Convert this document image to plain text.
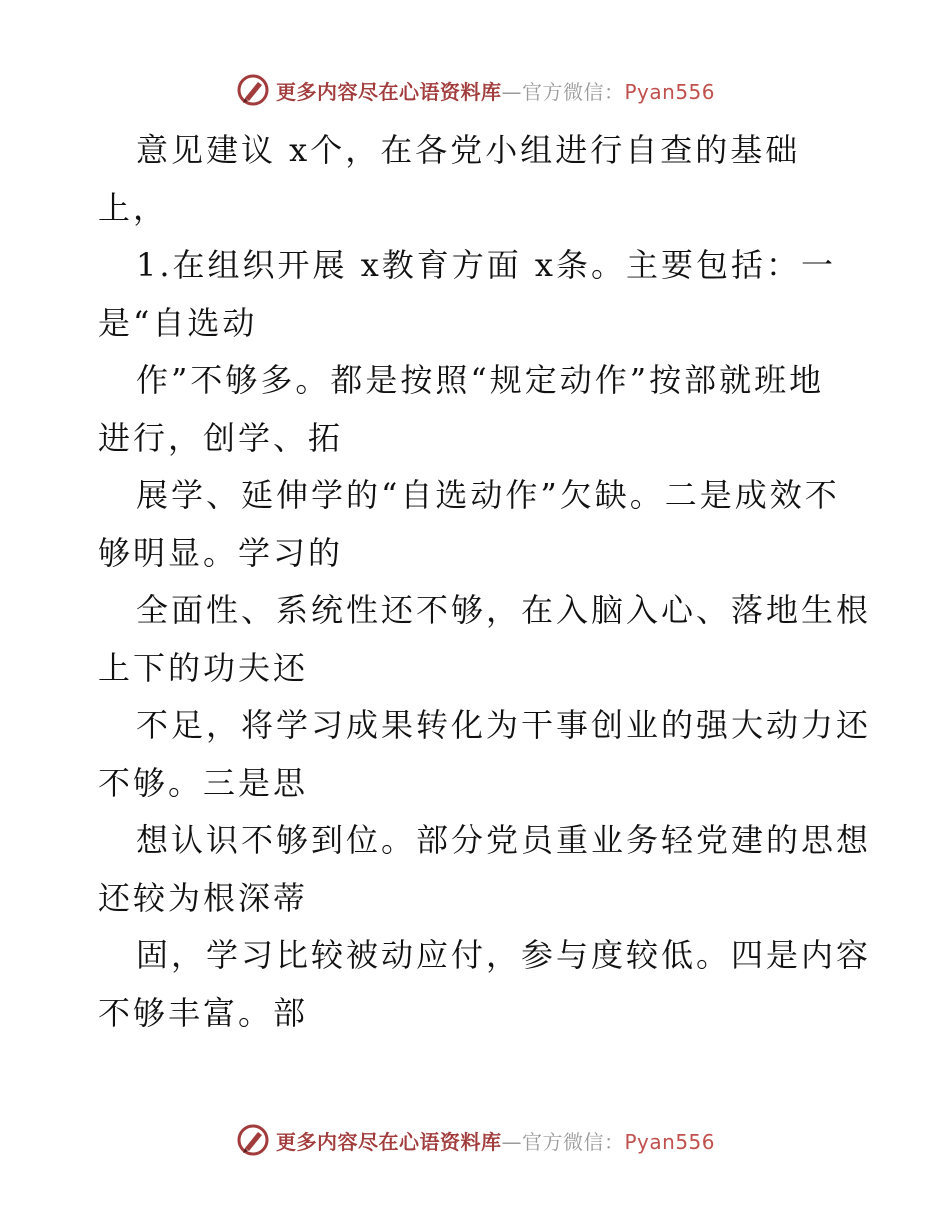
更多内容尽在心语资料库—官方微信：Pyan556
意见建议 x个，在各党小组进行自查的基础
上，
1.在组织开展 x教育方面 x条。主要包括：一
是“自选动
作”不够多。都是按照“规定动作”按部就班地
进行，创学、拓
展学、延伸学的“自选动作”欠缺。二是成效不
够明显。学习的
全面性、系统性还不够，在入脑入心、落地生根
上下的功夫还
不足，将学习成果转化为干事创业的强大动力还
不够。三是思
想认识不够到位。部分党员重业务轻党建的思想
还较为根深蒂
固，学习比较被动应付，参与度较低。四是内容
不够丰富。部
更多内容尽在心语资料库—官方微信：Pyan556
